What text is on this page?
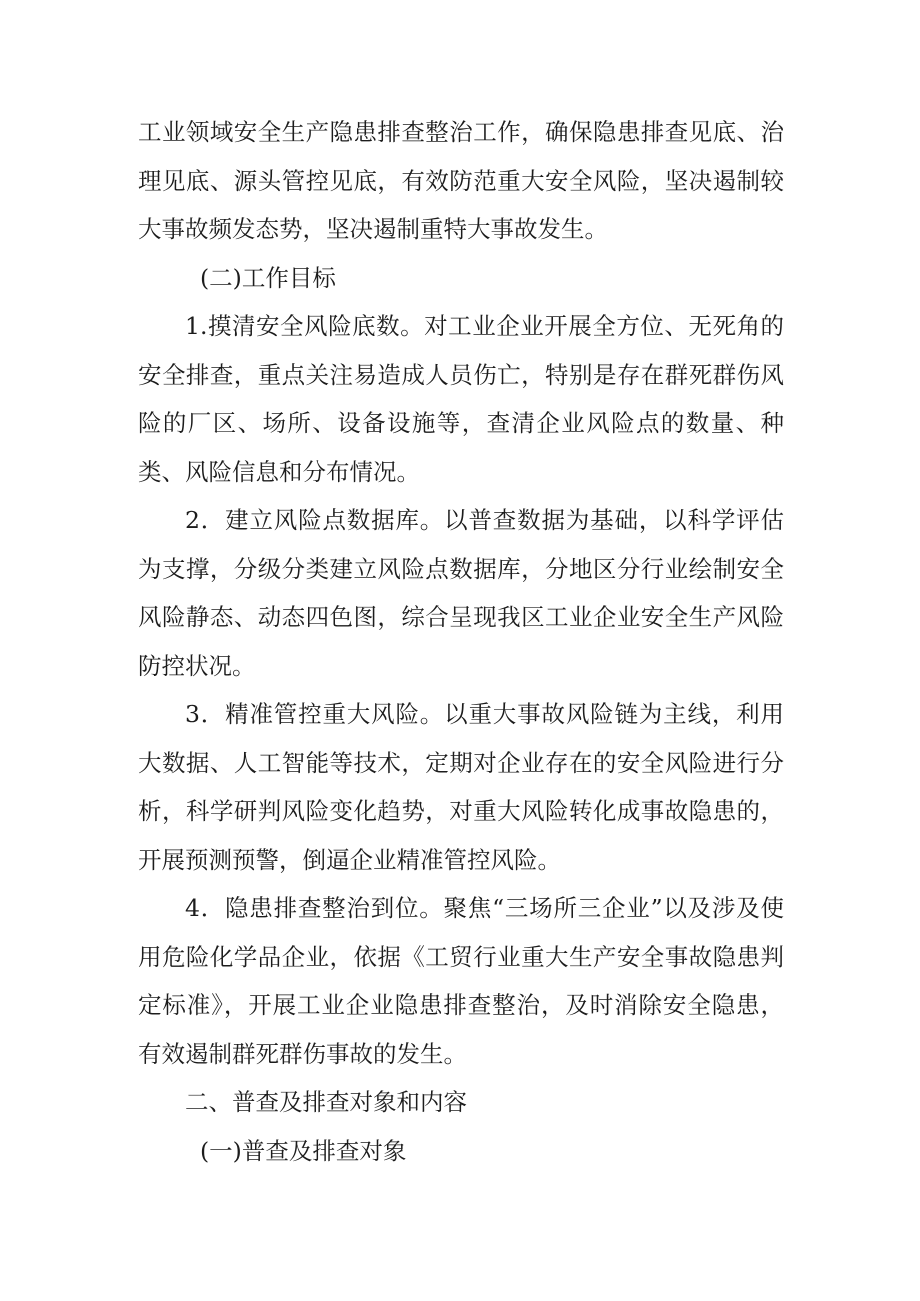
工业领域安全生产隐患排查整治工作，确保隐患排查见底、治理见底、源头管控见底，有效防范重大安全风险，坚决遏制较大事故频发态势，坚决遏制重特大事故发生。

(二)工作目标

1.摸清安全风险底数。对工业企业开展全方位、无死角的安全排查，重点关注易造成人员伤亡，特别是存在群死群伤风险的厂区、场所、设备设施等，查清企业风险点的数量、种类、风险信息和分布情况。

2．建立风险点数据库。以普查数据为基础，以科学评估为支撑，分级分类建立风险点数据库，分地区分行业绘制安全风险静态、动态四色图，综合呈现我区工业企业安全生产风险防控状况。

3．精准管控重大风险。以重大事故风险链为主线，利用大数据、人工智能等技术，定期对企业存在的安全风险进行分析，科学研判风险变化趋势，对重大风险转化成事故隐患的，开展预测预警，倒逼企业精准管控风险。

4．隐患排查整治到位。聚焦“三场所三企业”以及涉及使用危险化学品企业，依据《工贸行业重大生产安全事故隐患判定标准》，开展工业企业隐患排查整治，及时消除安全隐患，有效遏制群死群伤事故的发生。

二、普查及排查对象和内容

(一)普查及排查对象
